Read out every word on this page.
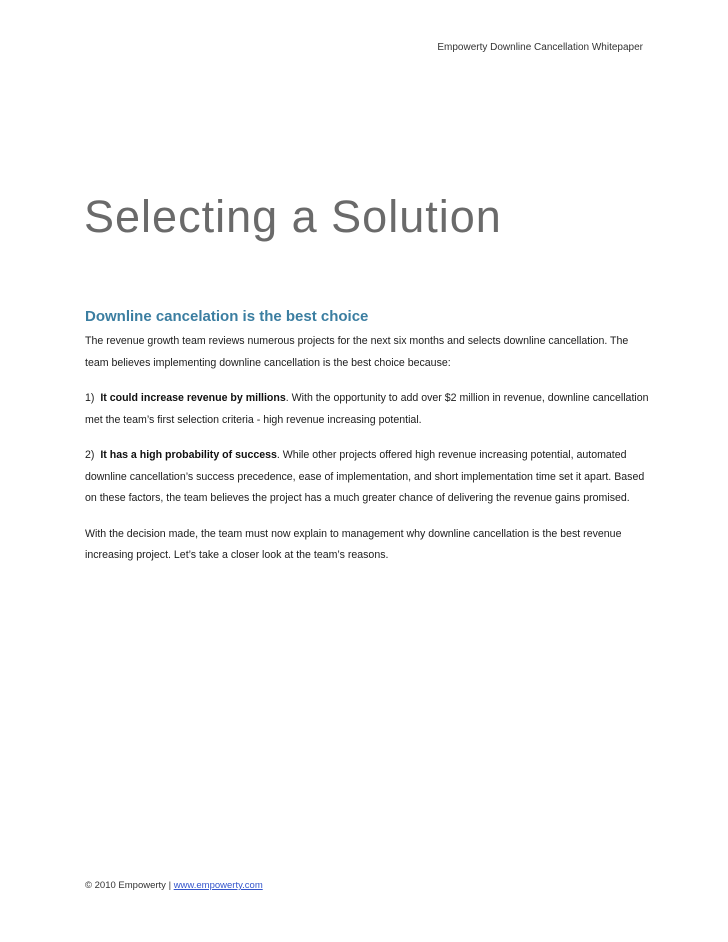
Empowerty Downline Cancellation Whitepaper
Selecting a Solution
Downline cancelation is the best choice

The revenue growth team reviews numerous projects for the next six months and selects downline cancellation. The team believes implementing downline cancellation is the best choice because:

1) It could increase revenue by millions. With the opportunity to add over $2 million in revenue, downline cancellation met the team’s first selection criteria - high revenue increasing potential.

2) It has a high probability of success. While other projects offered high revenue increasing potential, automated downline cancellation’s success precedence, ease of implementation, and short implementation time set it apart. Based on these factors, the team believes the project has a much greater chance of delivering the revenue gains promised.

With the decision made, the team must now explain to management why downline cancellation is the best revenue increasing project. Let’s take a closer look at the team’s reasons.

© 2010 Empowerty | www.empowerty.com
